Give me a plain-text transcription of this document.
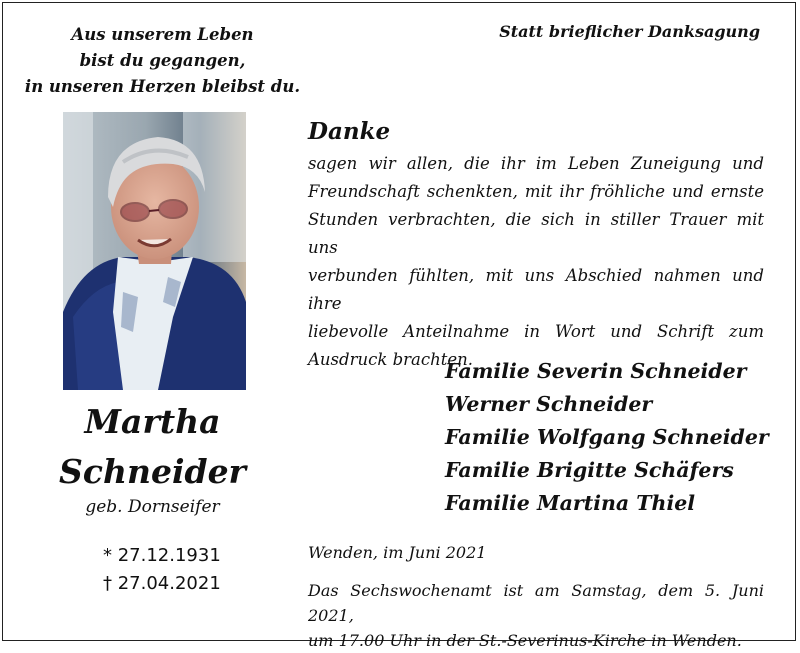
Aus unserem Leben
bist du gegangen,
in unseren Herzen bleibst du.
Statt brieflicher Danksagung
Martha
Schneider
geb. Dornseifer
* 27.12.1931
† 27.04.2021
Danke
sagen wir allen, die ihr im Leben Zuneigung und
Freundschaft schenkten, mit ihr fröhliche und ernste
Stunden verbrachten, die sich in stiller Trauer mit uns
verbunden fühlten, mit uns Abschied nahmen und ihre
liebevolle Anteilnahme in Wort und Schrift zum
Ausdruck brachten.
Familie Severin Schneider
Werner Schneider
Familie Wolfgang Schneider
Familie Brigitte Schäfers
Familie Martina Thiel
Wenden, im Juni 2021
Das Sechswochenamt ist am Samstag, dem 5. Juni 2021,
um 17.00 Uhr in der St.-Severinus-Kirche in Wenden.
